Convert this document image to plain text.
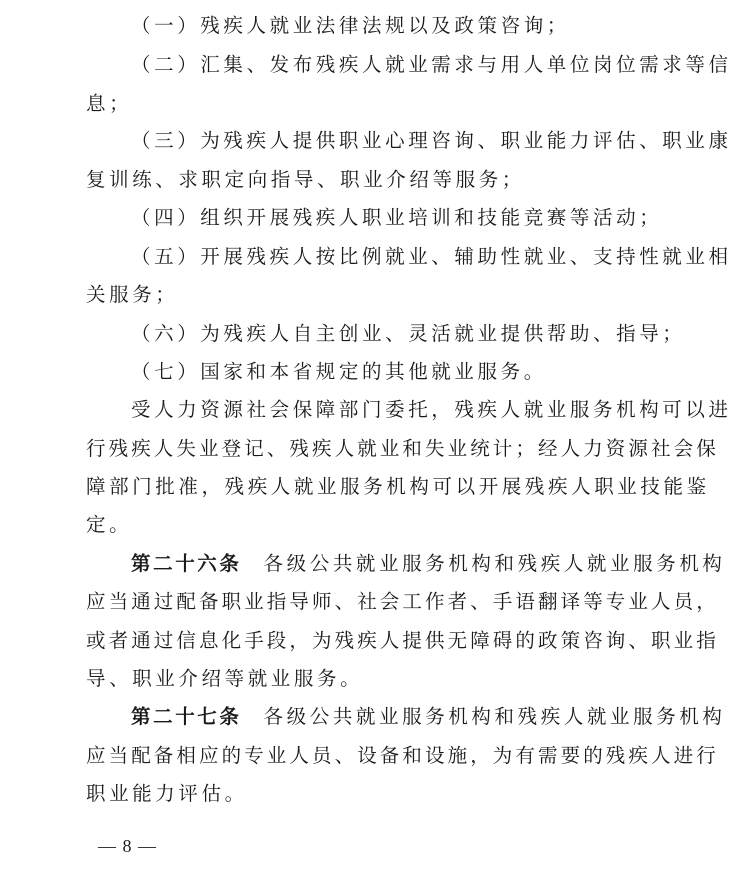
（一）残疾人就业法律法规以及政策咨询；
（二）汇集、发布残疾人就业需求与用人单位岗位需求等信
息；
（三）为残疾人提供职业心理咨询、职业能力评估、职业康
复训练、求职定向指导、职业介绍等服务；
（四）组织开展残疾人职业培训和技能竞赛等活动；
（五）开展残疾人按比例就业、辅助性就业、支持性就业相
关服务；
（六）为残疾人自主创业、灵活就业提供帮助、指导；
（七）国家和本省规定的其他就业服务。
受人力资源社会保障部门委托，残疾人就业服务机构可以进
行残疾人失业登记、残疾人就业和失业统计；经人力资源社会保
障部门批准，残疾人就业服务机构可以开展残疾人职业技能鉴
定。
第二十六条 各级公共就业服务机构和残疾人就业服务机构
应当通过配备职业指导师、社会工作者、手语翻译等专业人员，
或者通过信息化手段，为残疾人提供无障碍的政策咨询、职业指
导、职业介绍等就业服务。
第二十七条 各级公共就业服务机构和残疾人就业服务机构
应当配备相应的专业人员、设备和设施，为有需要的残疾人进行
职业能力评估。
— 8 —
